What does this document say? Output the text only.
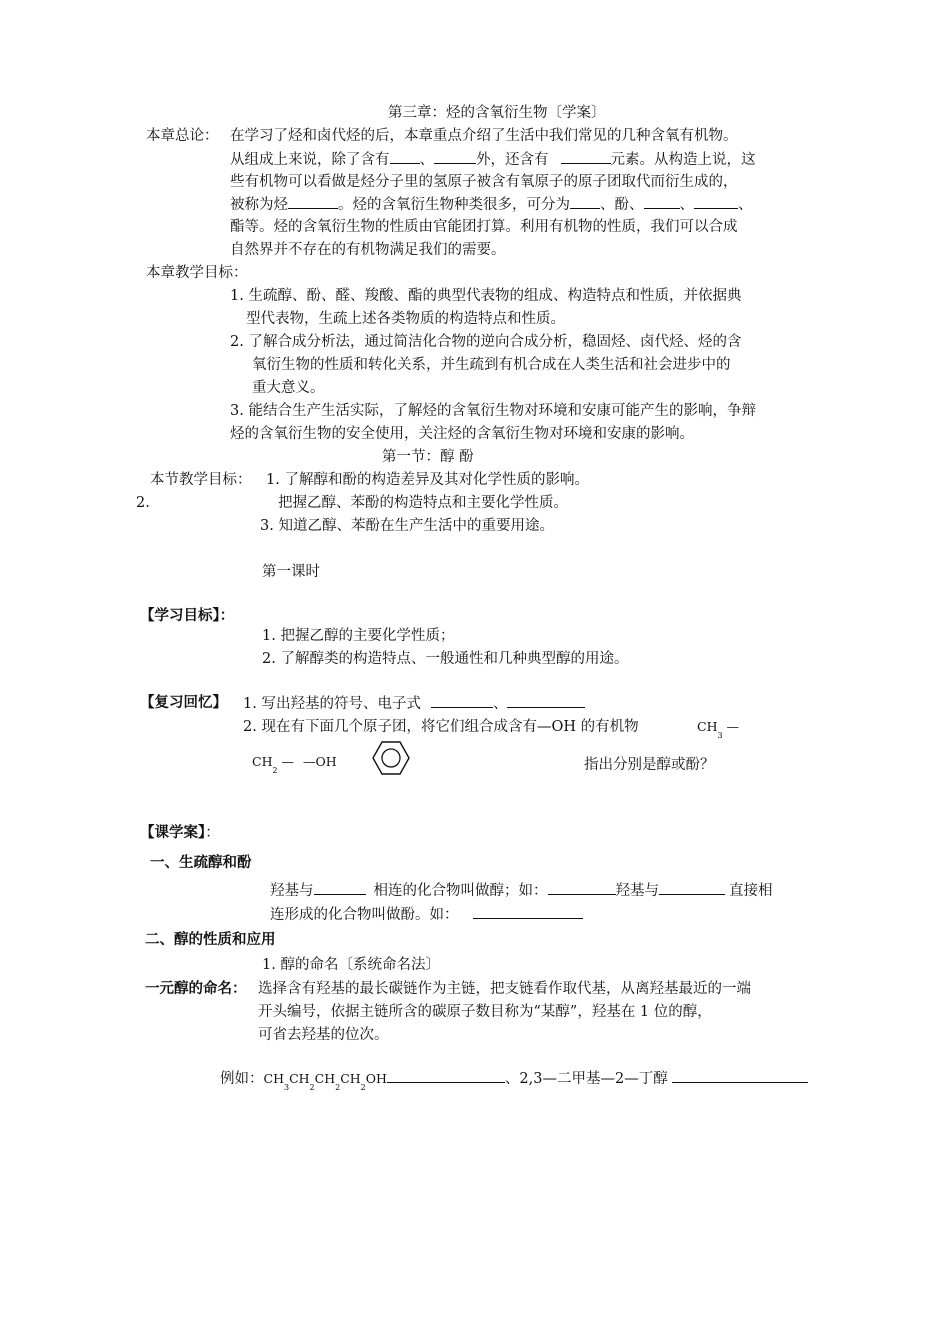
第三章：烃的含氧衍生物〔学案〕
本章总论： 在学习了烃和卤代烃的后，本章重点介绍了生活中我们常见的几种含氧有机物。
从组成上来说，除了含有 、	外，还含有	元素。从构造上说，这
些有机物可以看做是烃分子里的氢原子被含有氧原子的原子团取代而衍生成的，
被称为烃	。烃的含氧衍生物种类很多，可分为 、酚、 、	、
酯等。烃的含氧衍生物的性质由官能团打算。利用有机物的性质，我们可以合成
自然界并不存在的有机物满足我们的需要。
本章教学目标：
1. 生疏醇、酚、醛、羧酸、酯的典型代表物的组成、构造特点和性质，并依据典
型代表物，生疏上述各类物质的构造特点和性质。
2. 了解合成分析法，通过简洁化合物的逆向合成分析，稳固烃、卤代烃、烃的含
氧衍生物的性质和转化关系，并生疏到有机合成在人类生活和社会进步中的
重大意义。
3. 能结合生产生活实际，了解烃的含氧衍生物对环境和安康可能产生的影响，争辩
烃的含氧衍生物的安全使用，关注烃的含氧衍生物对环境和安康的影响。
第一节：醇 酚
本节教学目标： 1. 了解醇和酚的构造差异及其对化学性质的影响。
2.	把握乙醇、苯酚的构造特点和主要化学性质。
3. 知道乙醇、苯酚在生产生活中的重要用途。
第一课时
【学习目标】：
1. 把握乙醇的主要化学性质；
2. 了解醇类的构造特点、一般通性和几种典型醇的用途。
【复习回忆】 1. 写出羟基的符号、电子式	、
2. 现在有下面几个原子团，将它们组合成含有—OH 的有机物	$CH_3$ —
$CH_2$ — —OH	指出分别是醇或酚？
【课学案】：
一、生疏醇和酚
羟基与	相连的化合物叫做醇；如：	羟基与	直接相
连形成的化合物叫做酚。如：
二、醇的性质和应用
1. 醇的命名〔系统命名法〕
一元醇的命名： 选择含有羟基的最长碳链作为主链，把支链看作取代基，从离羟基最近的一端
开头编号，依据主链所含的碳原子数目称为“某醇”，羟基在 1 位的醇，
可省去羟基的位次。
例如：$CH_3CH_2CH_2CH_2OH$	、2,3—二甲基—2—丁醇
